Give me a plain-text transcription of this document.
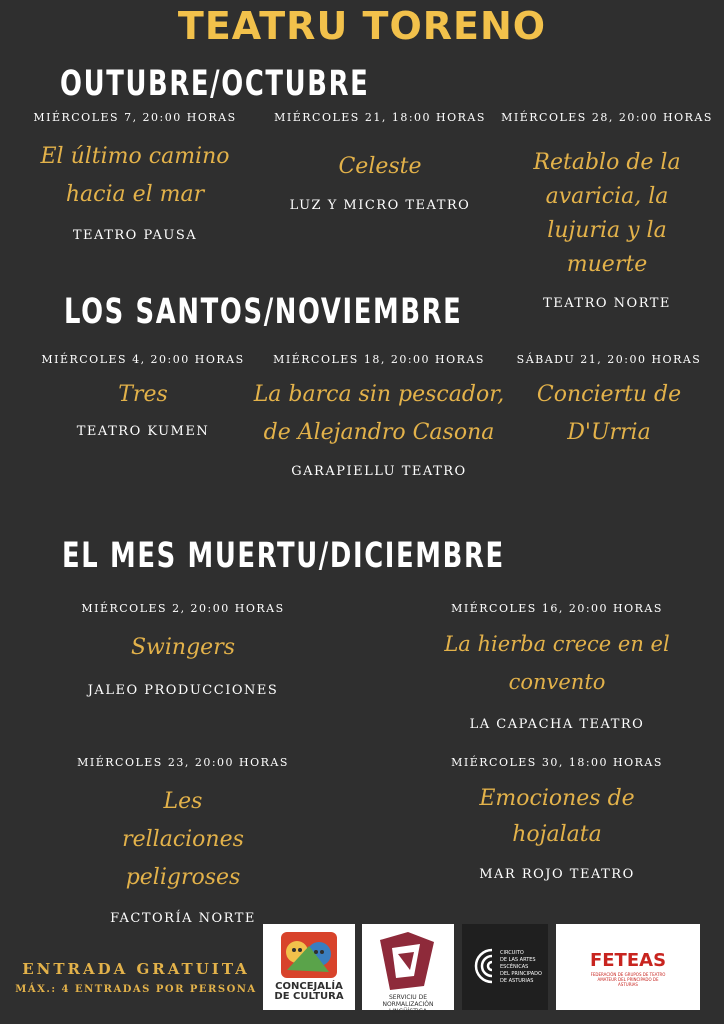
TEATRU TORENO
OUTUBRE/OCTUBRE
MIÉRCOLES 7, 20:00 HORAS
El último camino hacia el mar
TEATRO PAUSA
MIÉRCOLES 21, 18:00 HORAS
Celeste
LUZ Y MICRO TEATRO
MIÉRCOLES 28, 20:00 HORAS
Retablo de la avaricia, la lujuria y la muerte
TEATRO NORTE
LOS SANTOS/NOVIEMBRE
MIÉRCOLES 4, 20:00 HORAS
Tres
TEATRO KUMEN
MIÉRCOLES 18, 20:00 HORAS
La barca sin pescador, de Alejandro Casona
GARAPIELLU TEATRO
SÁBADU 21, 20:00 HORAS
Conciertu de D'Urria
EL MES MUERTU/DICIEMBRE
MIÉRCOLES 2, 20:00 HORAS
Swingers
JALEO PRODUCCIONES
MIÉRCOLES 16, 20:00 HORAS
La hierba crece en el convento
LA CAPACHA TEATRO
MIÉRCOLES 23, 20:00 HORAS
Les rellaciones peligroses
FACTORÍA NORTE
MIÉRCOLES 30, 18:00 HORAS
Emociones de hojalata
MAR ROJO TEATRO
ENTRADA GRATUITA
MÁX.: 4 ENTRADAS POR PERSONA	CONCEJALÍA
DE CULTURA	SERVICIU DE NORMALIZACIÓN LINGÜÍSTICA
CIRCUITO
DE LAS ARTES
ESCÉNICAS
DEL PRINCIPADO
DE ASTURIAS
FETEAS
FEDERACIÓN DE GRUPOS DE TEATRO AMATEUR DEL PRINCIPADO DE ASTURIAS
